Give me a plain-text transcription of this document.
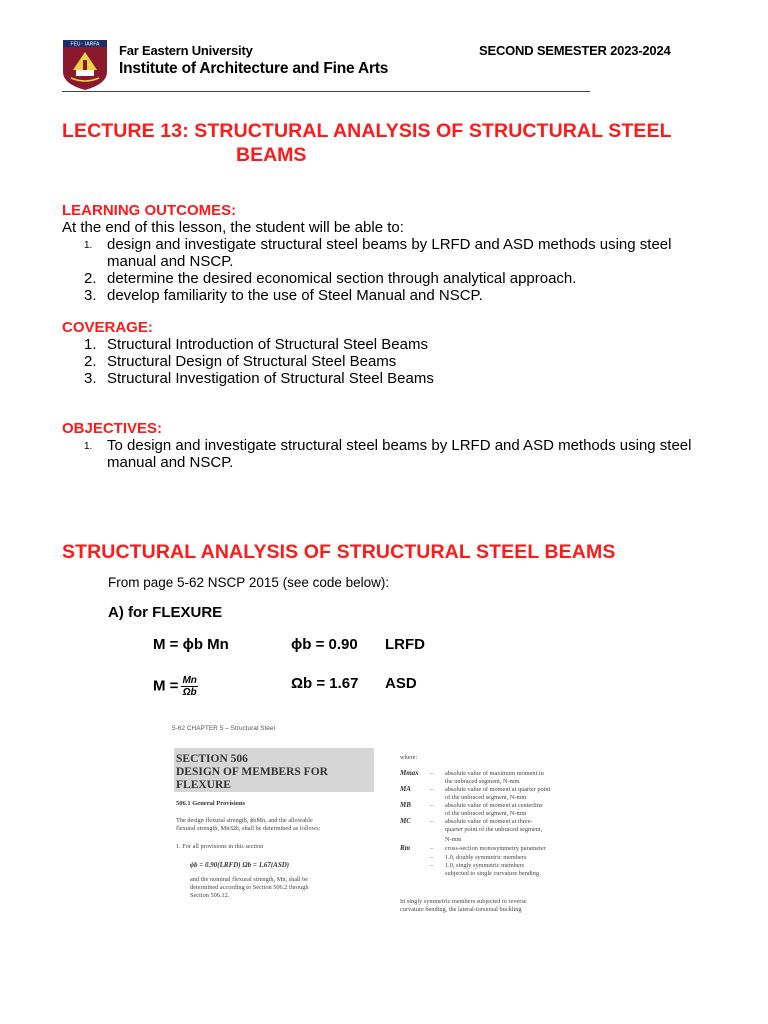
FEU · IARFA Far Eastern University
Institute of Architecture and Fine Arts
SECOND SEMESTER 2023-2024
LECTURE 13: STRUCTURAL ANALYSIS OF STRUCTURAL STEEL
BEAMS
LEARNING OUTCOMES:
At the end of this lesson, the student will be able to:
1. design and investigate structural steel beams by LRFD and ASD methods using steel manual and NSCP.
2. determine the desired economical section through analytical approach.
3. develop familiarity to the use of Steel Manual and NSCP.
COVERAGE:
1. Structural Introduction of Structural Steel Beams
2. Structural Design of Structural Steel Beams
3. Structural Investigation of Structural Steel Beams
OBJECTIVES:
1. To design and investigate structural steel beams by LRFD and ASD methods using steel manual and NSCP.
STRUCTURAL ANALYSIS OF STRUCTURAL STEEL BEAMS
From page 5-62 NSCP 2015 (see code below):
A) for FLEXURE
M = ϕb Mn	ϕb = 0.90 LRFD
$M = \frac{Mn}{\Omega b}$	Ωb = 1.67 ASD
5-62 CHAPTER 5 – Structural Steel
SECTION 506
DESIGN OF MEMBERS FOR
FLEXURE
506.1 General Provisions
The design flexural strength, ϕbMn, and the allowable
flexural strength, Mn/Ωb, shall be determined as follows:
1. For all provisions in this section
ϕb = 0.90(LRFD) Ωb = 1.67(ASD)
and the nominal flexural strength, Mn, shall be
determined according to Section 506.2 through
Section 506.12.
where:
Mmax – absolute value of maximum moment in
the unbraced segment, N-mm
MA	– absolute value of moment at quarter point
of the unbraced segment, N-mm
MB	– absolute value of moment at centerline
of the unbraced segment, N-mm
MC	– absolute value of moment at three-
quarter point of the unbraced segment,
N-mm
Rm	– cross-section monosymmetry parameter
– 1.0, doubly symmetric members
– 1.0, singly symmetric members
subjected to single curvature bending
In singly symmetric members subjected to reverse
curvature bending, the lateral-torsional buckling
